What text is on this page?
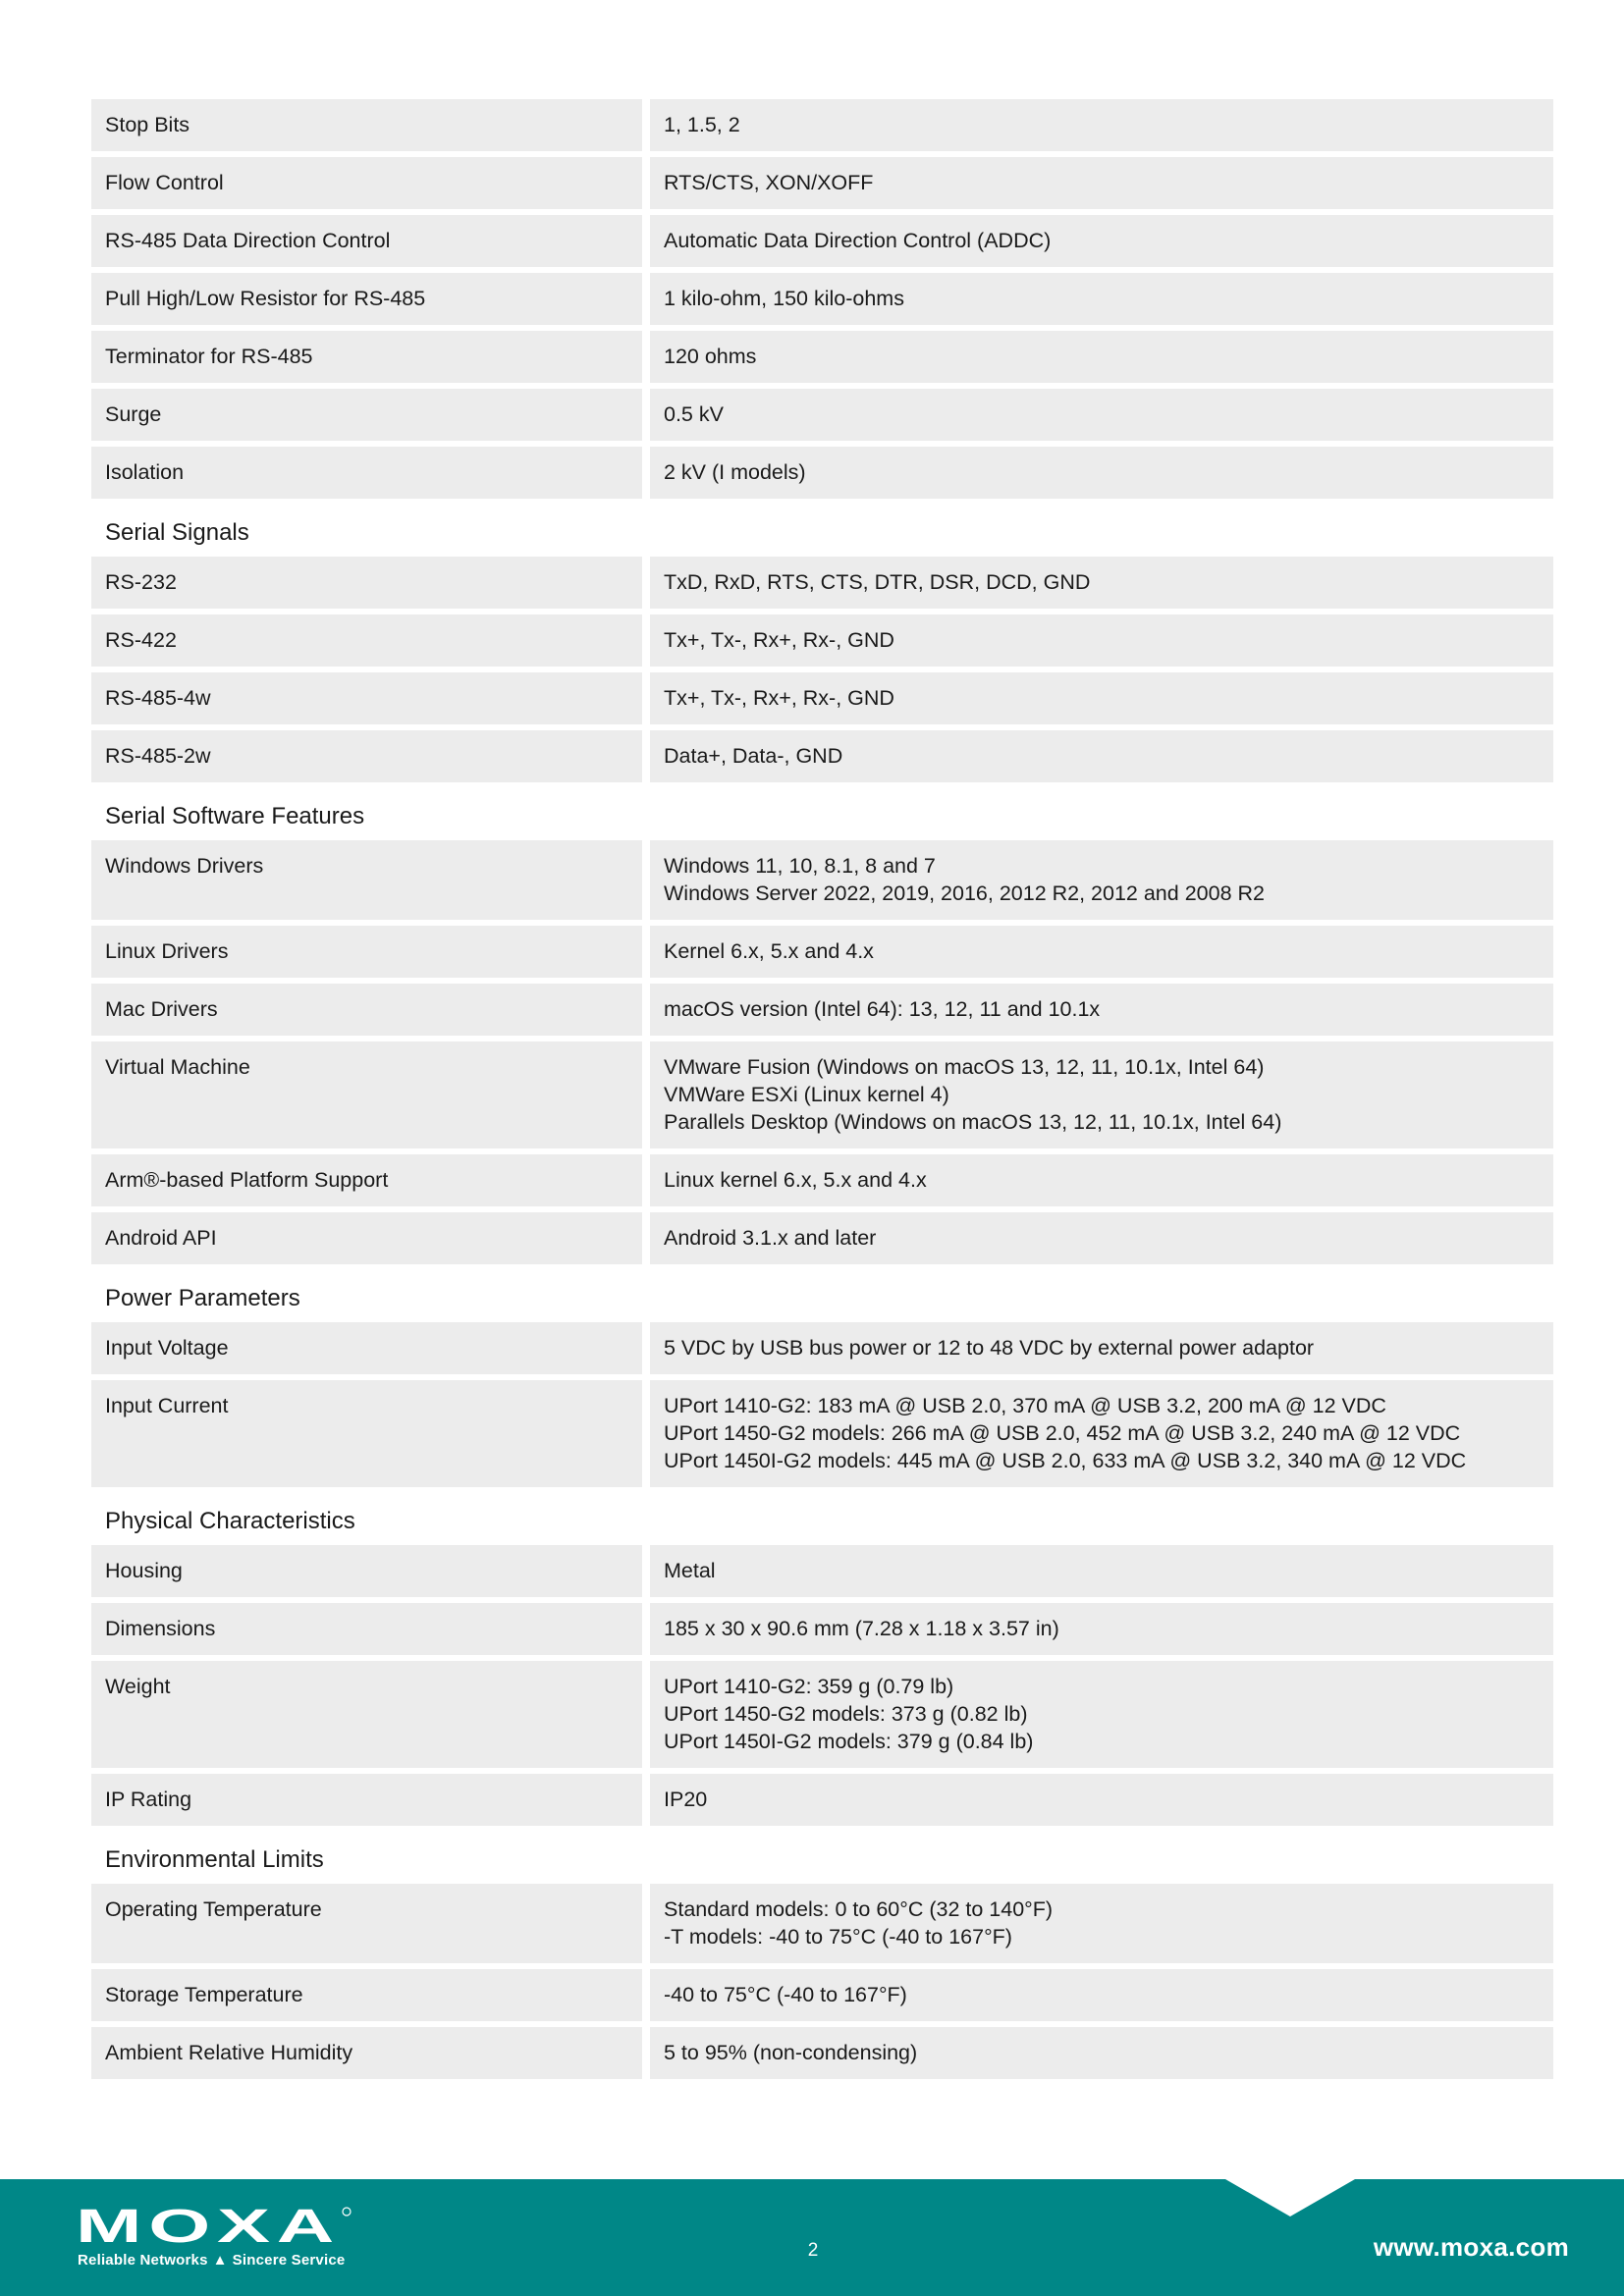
Stop Bits	1, 1.5, 2
Flow Control	RTS/CTS, XON/XOFF
RS-485 Data Direction Control	Automatic Data Direction Control (ADDC)
Pull High/Low Resistor for RS-485	1 kilo-ohm, 150 kilo-ohms
Terminator for RS-485	120 ohms
Surge	0.5 kV
Isolation	2 kV (I models)
Serial Signals
RS-232	TxD, RxD, RTS, CTS, DTR, DSR, DCD, GND
RS-422	Tx+, Tx-, Rx+, Rx-, GND
RS-485-4w	Tx+, Tx-, Rx+, Rx-, GND
RS-485-2w	Data+, Data-, GND
Serial Software Features
Windows Drivers	Windows 11, 10, 8.1, 8 and 7
Windows Server 2022, 2019, 2016, 2012 R2, 2012 and 2008 R2
Linux Drivers	Kernel 6.x, 5.x and 4.x
Mac Drivers	macOS version (Intel 64): 13, 12, 11 and 10.1x
Virtual Machine	VMware Fusion (Windows on macOS 13, 12, 11, 10.1x, Intel 64)
VMWare ESXi (Linux kernel 4)
Parallels Desktop (Windows on macOS 13, 12, 11, 10.1x, Intel 64)
Arm®-based Platform Support	Linux kernel 6.x, 5.x and 4.x
Android API	Android 3.1.x and later
Power Parameters
Input Voltage	5 VDC by USB bus power or 12 to 48 VDC by external power adaptor
Input Current	UPort 1410-G2: 183 mA @ USB 2.0, 370 mA @ USB 3.2, 200 mA @ 12 VDC
UPort 1450-G2 models: 266 mA @ USB 2.0, 452 mA @ USB 3.2, 240 mA @ 12 VDC
UPort 1450I-G2 models: 445 mA @ USB 2.0, 633 mA @ USB 3.2, 340 mA @ 12 VDC
Physical Characteristics
Housing	Metal
Dimensions	185 x 30 x 90.6 mm (7.28 x 1.18 x 3.57 in)
Weight	UPort 1410-G2: 359 g (0.79 lb)
UPort 1450-G2 models: 373 g (0.82 lb)
UPort 1450I-G2 models: 379 g (0.84 lb)
IP Rating	IP20
Environmental Limits
Operating Temperature	Standard models: 0 to 60°C (32 to 140°F)
-T models: -40 to 75°C (-40 to 167°F)
Storage Temperature	-40 to 75°C (-40 to 167°F)
Ambient Relative Humidity	5 to 95% (non-condensing)
MOXA
Reliable Networks ▲ Sincere Service	2	www.moxa.com
